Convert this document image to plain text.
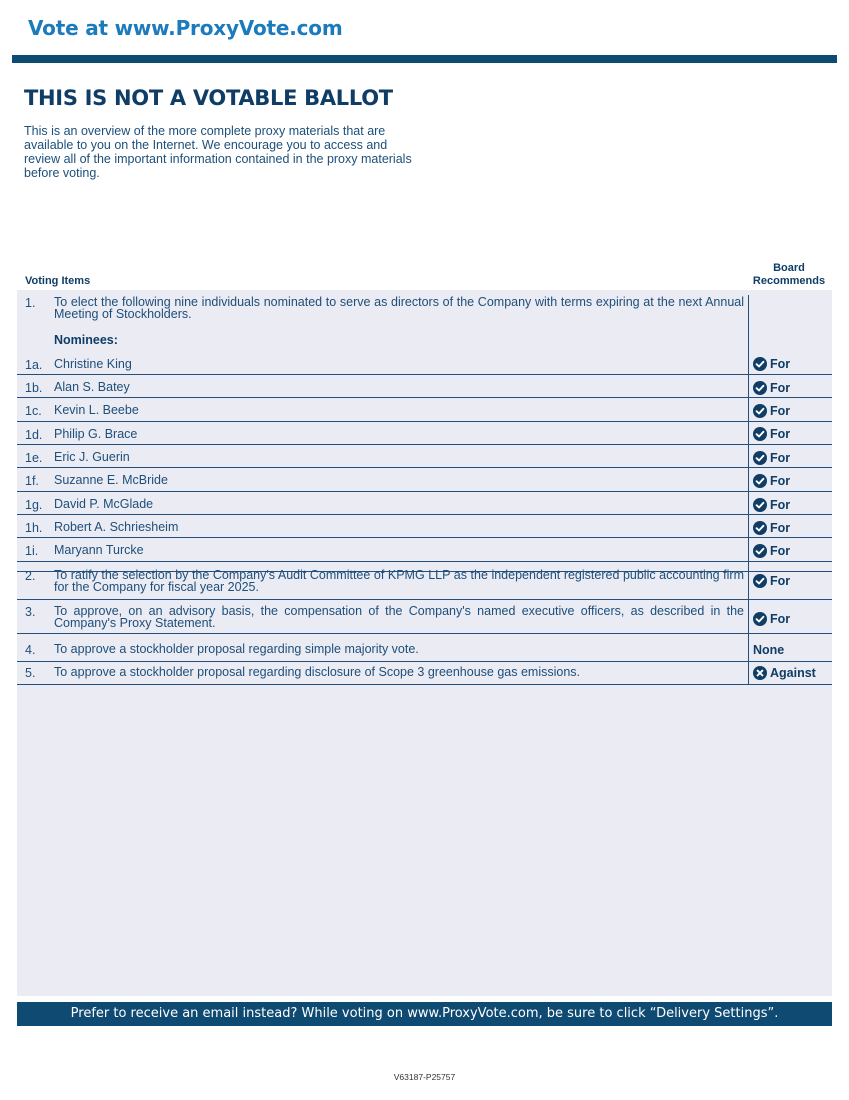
Vote at www.ProxyVote.com
THIS IS NOT A VOTABLE BALLOT
This is an overview of the more complete proxy materials that are available to you on the Internet. We encourage you to access and review all of the important information contained in the proxy materials before voting.
Voting Items
Board
Recommends
Nominees:
1. To elect the following nine individuals nominated to serve as directors of the Company with terms expiring at the next Annual Meeting of Stockholders.
1a. Christine King	For
1b. Alan S. Batey	For
1c. Kevin L. Beebe	For
1d. Philip G. Brace	For
1e. Eric J. Guerin	For
1f. Suzanne E. McBride	For
1g. David P. McGlade	For
1h. Robert A. Schriesheim	For
1i. Maryann Turcke	For
2. To ratify the selection by the Company's Audit Committee of KPMG LLP as the independent registered public accounting firm for the Company for fiscal year 2025.	For
3. To approve, on an advisory basis, the compensation of the Company's named executive officers, as described in the Company's Proxy Statement.	For
4. To approve a stockholder proposal regarding simple majority vote.	None
5. To approve a stockholder proposal regarding disclosure of Scope 3 greenhouse gas emissions.	Against
Prefer to receive an email instead? While voting on www.ProxyVote.com, be sure to click “Delivery Settings”.
V63187-P25757
